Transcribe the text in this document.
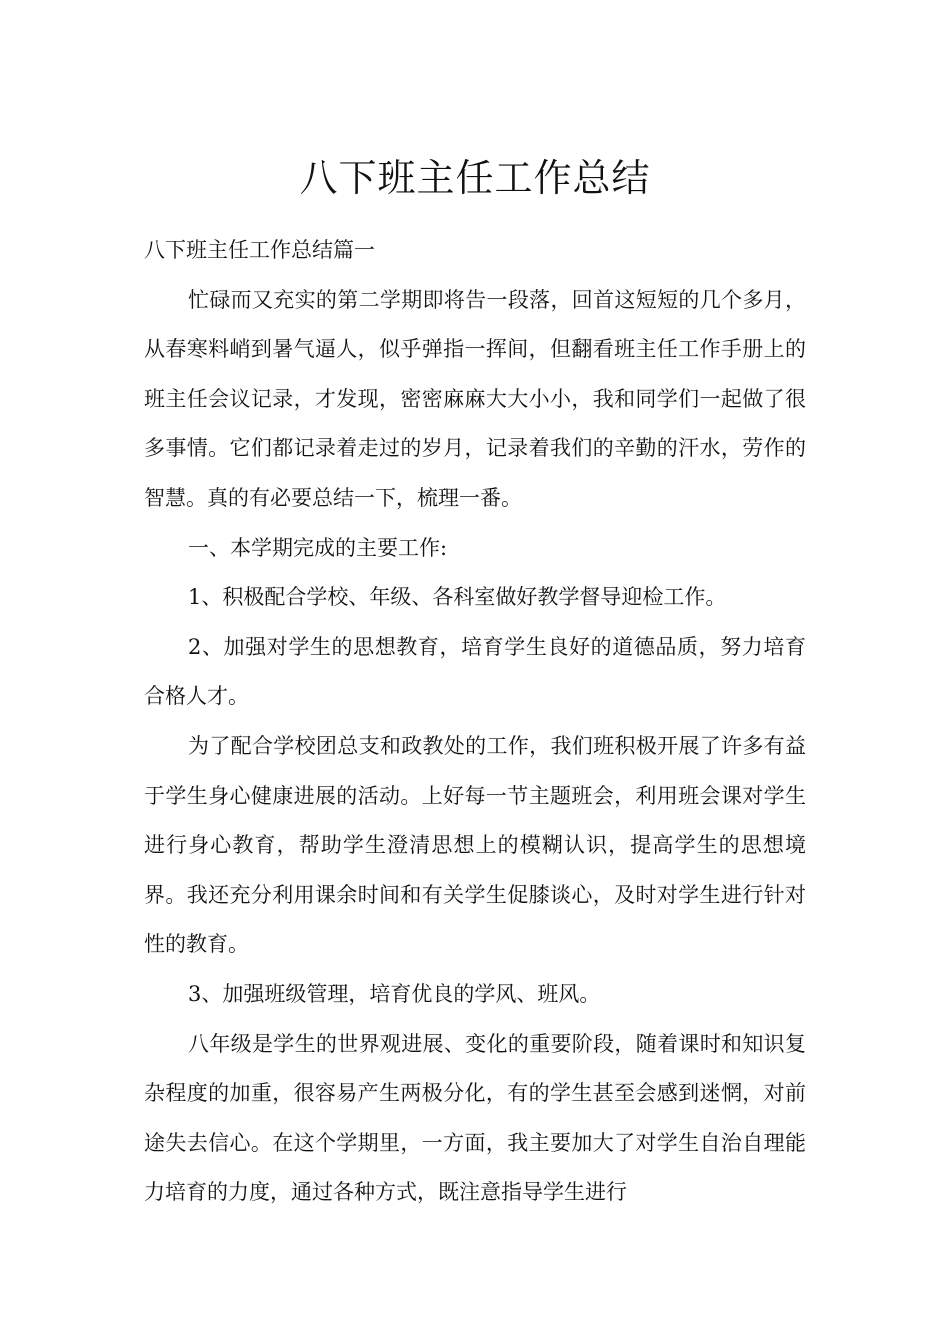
八下班主任工作总结

八下班主任工作总结篇一

忙碌而又充实的第二学期即将告一段落，回首这短短的几个多月，从春寒料峭到暑气逼人，似乎弹指一挥间，但翻看班主任工作手册上的班主任会议记录，才发现，密密麻麻大大小小，我和同学们一起做了很多事情。它们都记录着走过的岁月，记录着我们的辛勤的汗水，劳作的智慧。真的有必要总结一下，梳理一番。

一、本学期完成的主要工作:

1、积极配合学校、年级、各科室做好教学督导迎检工作。

2、加强对学生的思想教育，培育学生良好的道德品质，努力培育合格人才。

为了配合学校团总支和政教处的工作，我们班积极开展了许多有益于学生身心健康进展的活动。上好每一节主题班会，利用班会课对学生进行身心教育，帮助学生澄清思想上的模糊认识，提高学生的思想境界。我还充分利用课余时间和有关学生促膝谈心，及时对学生进行针对性的教育。

3、加强班级管理，培育优良的学风、班风。

八年级是学生的世界观进展、变化的重要阶段，随着课时和知识复杂程度的加重，很容易产生两极分化，有的学生甚至会感到迷惘，对前途失去信心。在这个学期里，一方面，我主要加大了对学生自治自理能力培育的力度，通过各种方式，既注意指导学生进行
